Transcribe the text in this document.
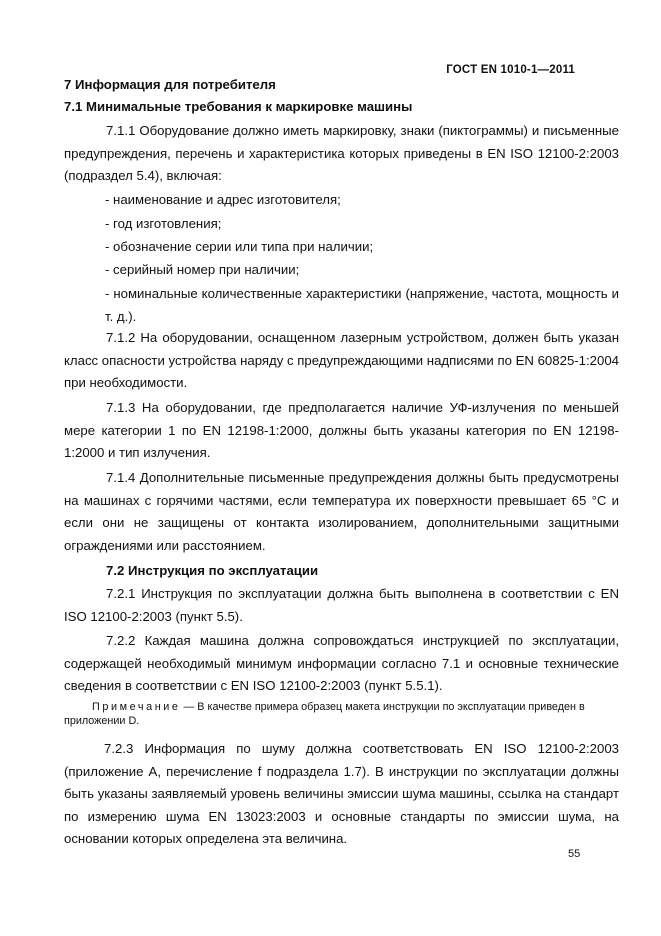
ГОСТ EN 1010-1—2011
7 Информация для потребителя
7.1 Минимальные требования к маркировке машины
7.1.1 Оборудование должно иметь маркировку, знаки (пиктограммы) и письменные предупреждения, перечень и характеристика которых приведены в EN ISO 12100-2:2003 (подраздел 5.4), включая:
- наименование и адрес изготовителя;
- год изготовления;
- обозначение серии или типа при наличии;
- серийный номер при наличии;
- номинальные количественные характеристики (напряжение, частота, мощность и т. д.).
7.1.2 На оборудовании, оснащенном лазерным устройством, должен быть указан класс опасности устройства наряду с предупреждающими надписями по EN 60825-1:2004 при необходимости.
7.1.3 На оборудовании, где предполагается наличие УФ-излучения по меньшей мере категории 1 по EN 12198-1:2000, должны быть указаны категория по EN 12198-1:2000 и тип излучения.
7.1.4 Дополнительные письменные предупреждения должны быть предусмотрены на машинах с горячими частями, если температура их поверхности превышает 65 °С и если они не защищены от контакта изолированием, дополнительными защитными ограждениями или расстоянием.
7.2 Инструкция по эксплуатации
7.2.1 Инструкция по эксплуатации должна быть выполнена в соответствии с EN ISO 12100-2:2003 (пункт 5.5).
7.2.2 Каждая машина должна сопровождаться инструкцией по эксплуатации, содержащей необходимый минимум информации согласно 7.1 и основные технические сведения в соответствии с EN ISO 12100-2:2003 (пункт 5.5.1).
Примечание — В качестве примера образец макета инструкции по эксплуатации приведен в приложении D.
7.2.3 Информация по шуму должна соответствовать EN ISO 12100-2:2003 (приложение А, перечисление f подраздела 1.7). В инструкции по эксплуатации должны быть указаны заявляемый уровень величины эмиссии шума машины, ссылка на стандарт по измерению шума EN 13023:2003 и основные стандарты по эмиссии шума, на основании которых определена эта величина.
55
